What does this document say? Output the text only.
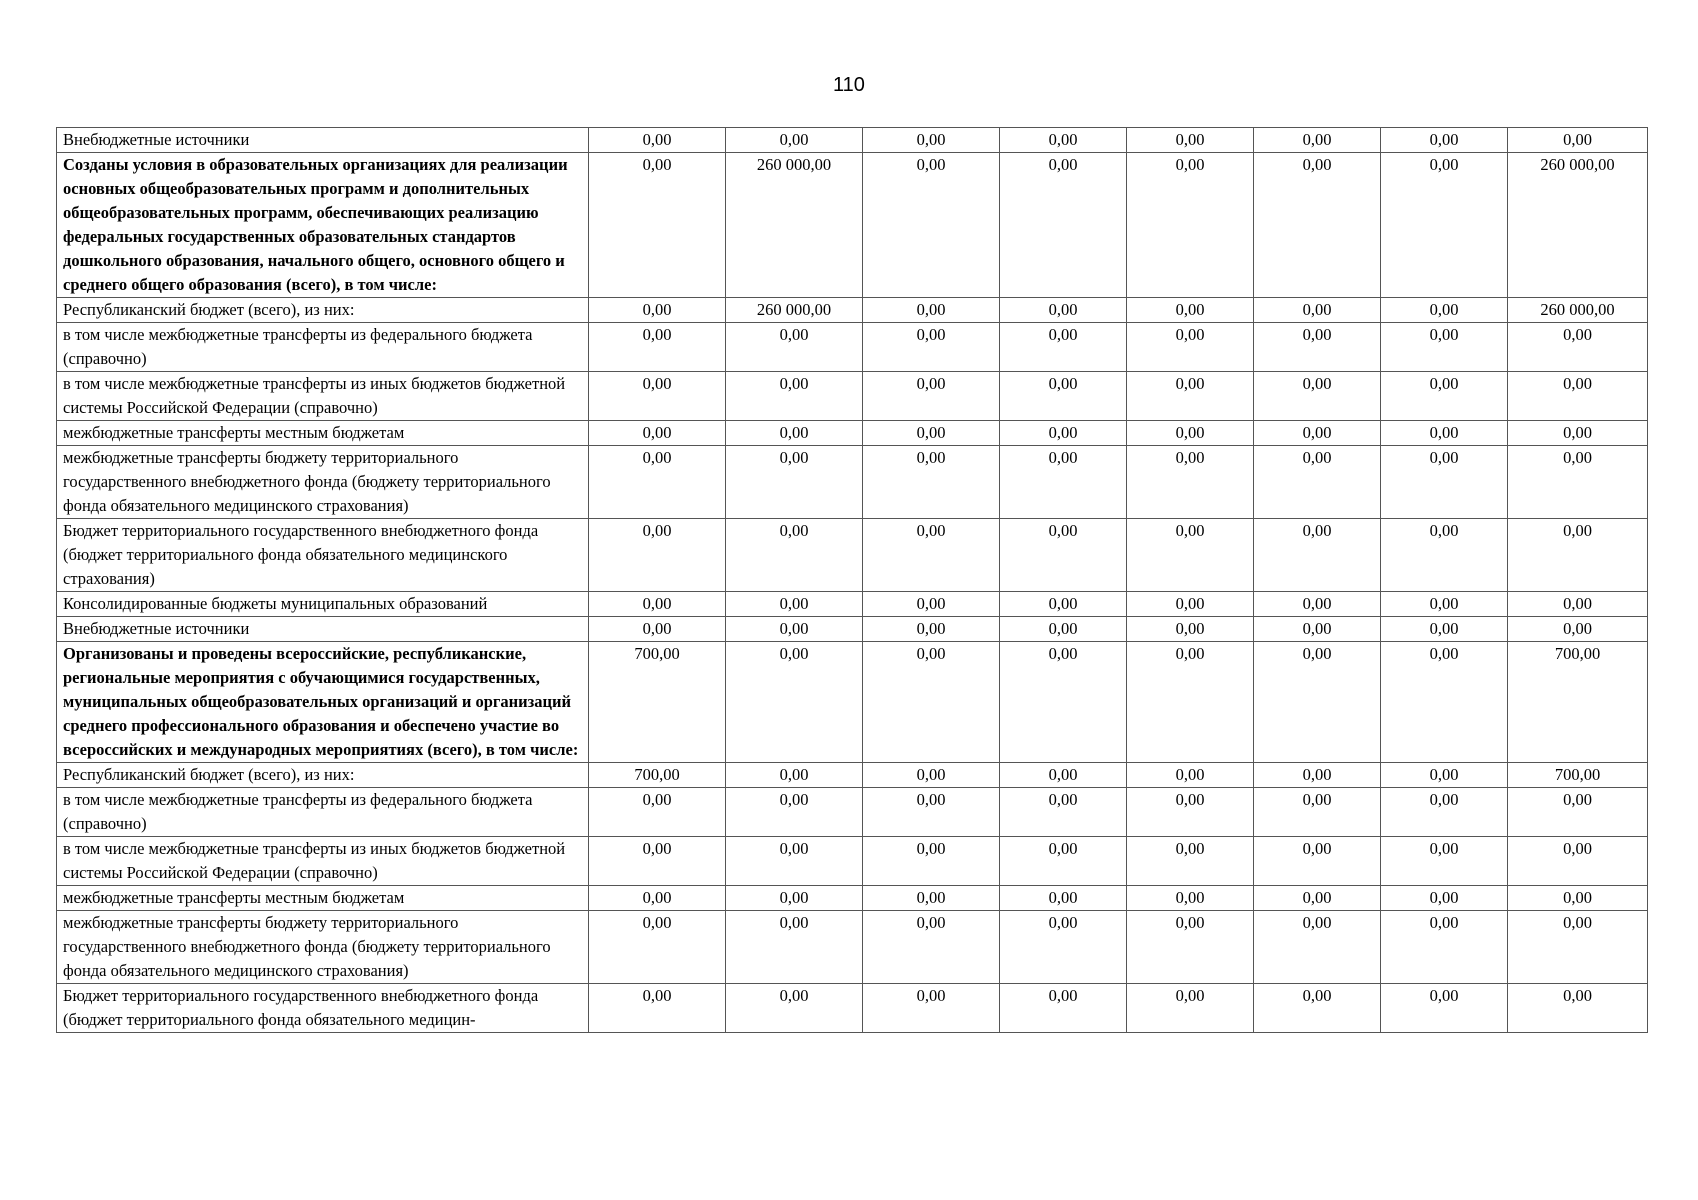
110
Внебюджетные источники	0,00	0,00	0,00	0,00	0,00	0,00	0,00	0,00
Созданы условия в образовательных организациях для реализации основных общеобразовательных программ и дополнительных общеобразовательных программ, обеспечивающих реализацию федеральных государственных образовательных стандартов дошкольного образования, начального общего, основного общего и среднего общего образования (всего), в том числе:	0,00	260 000,00	0,00	0,00	0,00	0,00	0,00	260 000,00
Республиканский бюджет (всего), из них:	0,00	260 000,00	0,00	0,00	0,00	0,00	0,00	260 000,00
в том числе межбюджетные трансферты из федерального бюджета (справочно)	0,00	0,00	0,00	0,00	0,00	0,00	0,00	0,00
в том числе межбюджетные трансферты из иных бюджетов бюджетной системы Российской Федерации (справочно)	0,00	0,00	0,00	0,00	0,00	0,00	0,00	0,00
межбюджетные трансферты местным бюджетам	0,00	0,00	0,00	0,00	0,00	0,00	0,00	0,00
межбюджетные трансферты бюджету территориального государственного внебюджетного фонда (бюджету территориального фонда обязательного медицинского страхования)	0,00	0,00	0,00	0,00	0,00	0,00	0,00	0,00
Бюджет территориального государственного внебюджетного фонда (бюджет территориального фонда обязательного медицинского страхования)	0,00	0,00	0,00	0,00	0,00	0,00	0,00	0,00
Консолидированные бюджеты муниципальных образований	0,00	0,00	0,00	0,00	0,00	0,00	0,00	0,00
Внебюджетные источники	0,00	0,00	0,00	0,00	0,00	0,00	0,00	0,00
Организованы и проведены всероссийские, республиканские, региональные мероприятия с обучающимися государственных, муниципальных общеобразовательных организаций и организаций среднего профессионального образования и обеспечено участие во всероссийских и международных мероприятиях (всего), в том числе:	700,00	0,00	0,00	0,00	0,00	0,00	0,00	700,00
Республиканский бюджет (всего), из них:	700,00	0,00	0,00	0,00	0,00	0,00	0,00	700,00
в том числе межбюджетные трансферты из федерального бюджета (справочно)	0,00	0,00	0,00	0,00	0,00	0,00	0,00	0,00
в том числе межбюджетные трансферты из иных бюджетов бюджетной системы Российской Федерации (справочно)	0,00	0,00	0,00	0,00	0,00	0,00	0,00	0,00
межбюджетные трансферты местным бюджетам	0,00	0,00	0,00	0,00	0,00	0,00	0,00	0,00
межбюджетные трансферты бюджету территориального государственного внебюджетного фонда (бюджету территориального фонда обязательного медицинского страхования)	0,00	0,00	0,00	0,00	0,00	0,00	0,00	0,00
Бюджет территориального государственного внебюджетного фонда (бюджет территориального фонда обязательного медицин-	0,00	0,00	0,00	0,00	0,00	0,00	0,00	0,00
